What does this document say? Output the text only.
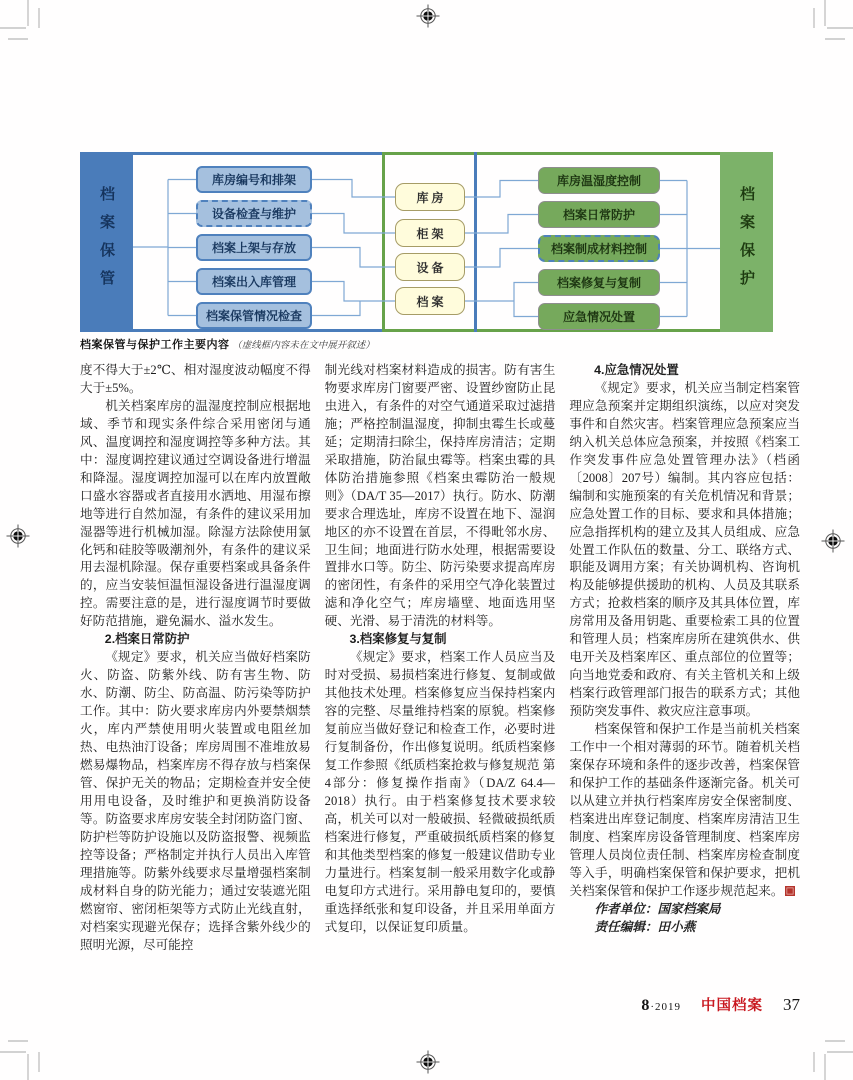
档案保管	档案保护
库房编号和排架
设备检查与维护
档案上架与存放
档案出入库管理
档案保管情况检查
库 房
柜 架
设 备
档 案
库房温湿度控制
档案日常防护
档案制成材料控制
档案修复与复制
应急情况处置
档案保管与保护工作主要内容 （虚线框内容未在文中展开叙述）

度不得大于±2℃、相对湿度波动幅度不得大于±5%。

机关档案库房的温湿度控制应根据地域、季节和现实条件综合采用密闭与通风、温度调控和湿度调控等多种方法。其中：湿度调控建议通过空调设备进行增温和降湿。湿度调控加湿可以在库内放置敞口盛水容器或者直接用水洒地、用湿布擦地等进行自然加湿，有条件的建议采用加湿器等进行机械加湿。除湿方法除使用氯化钙和硅胶等吸潮剂外，有条件的建议采用去湿机除湿。保存重要档案或具备条件的，应当安装恒温恒湿设备进行温湿度调控。需要注意的是，进行湿度调节时要做好防范措施，避免漏水、溢水发生。

2.档案日常防护

《规定》要求，机关应当做好档案防火、防盗、防紫外线、防有害生物、防水、防潮、防尘、防高温、防污染等防护工作。其中：防火要求库房内外要禁烟禁火，库内严禁使用明火装置或电阻丝加热、电热油汀设备；库房周围不准堆放易燃易爆物品，档案库房不得存放与档案保管、保护无关的物品；定期检查并安全使用用电设备，及时维护和更换消防设备等。防盗要求库房安装全封闭防盗门窗、防护栏等防护设施以及防盗报警、视频监控等设备；严格制定并执行人员出入库管理措施等。防紫外线要求尽量增强档案制成材料自身的防光能力；通过安装遮光阻燃窗帘、密闭柜架等方式防止光线直射，对档案实现避光保存；选择含紫外线少的照明光源，尽可能控

制光线对档案材料造成的损害。防有害生物要求库房门窗要严密、设置纱窗防止昆虫进入，有条件的对空气通道采取过滤措施；严格控制温湿度，抑制虫霉生长或蔓延；定期清扫除尘，保持库房清洁；定期采取措施，防治鼠虫霉等。档案虫霉的具体防治措施参照《档案虫霉防治一般规则》（DA/T 35—2017）执行。防水、防潮要求合理选址，库房不设置在地下、湿润地区的亦不设置在首层，不得毗邻水房、卫生间；地面进行防水处理，根据需要设置排水口等。防尘、防污染要求提高库房的密闭性，有条件的采用空气净化装置过滤和净化空气；库房墙壁、地面选用坚硬、光滑、易于清洗的材料等。

3.档案修复与复制

《规定》要求，档案工作人员应当及时对受损、易损档案进行修复、复制或做其他技术处理。档案修复应当保持档案内容的完整、尽量维持档案的原貌。档案修复前应当做好登记和检查工作，必要时进行复制备份，作出修复说明。纸质档案修复工作参照《纸质档案抢救与修复规范 第4部分：修复操作指南》（DA/Z 64.4—2018）执行。由于档案修复技术要求较高，机关可以对一般破损、轻微破损纸质档案进行修复，严重破损纸质档案的修复和其他类型档案的修复一般建议借助专业力量进行。档案复制一般采用数字化或静电复印方式进行。采用静电复印的，要慎重选择纸张和复印设备，并且采用单面方式复印，以保证复印质量。

4.应急情况处置

《规定》要求，机关应当制定档案管理应急预案并定期组织演练，以应对突发事件和自然灾害。档案管理应急预案应当纳入机关总体应急预案，并按照《档案工作突发事件应急处置管理办法》（档函〔2008〕207号）编制。其内容应包括：编制和实施预案的有关危机情况和背景；应急处置工作的目标、要求和具体措施；应急指挥机构的建立及其人员组成、应急处置工作队伍的数量、分工、联络方式、职能及调用方案；有关协调机构、咨询机构及能够提供援助的机构、人员及其联系方式；抢救档案的顺序及其具体位置，库房常用及备用钥匙、重要检索工具的位置和管理人员；档案库房所在建筑供水、供电开关及档案库区、重点部位的位置等；向当地党委和政府、有关主管机关和上级档案行政管理部门报告的联系方式；其他预防突发事件、救灾应注意事项。

档案保管和保护工作是当前机关档案工作中一个相对薄弱的环节。随着机关档案保存环境和条件的逐步改善，档案保管和保护工作的基础条件逐渐完备。机关可以从建立并执行档案库房安全保密制度、档案进出库登记制度、档案库房清洁卫生制度、档案库房设备管理制度、档案库房管理人员岗位责任制、档案库房检查制度等入手，明确档案保管和保护要求，把机关档案保管和保护工作逐步规范起来。

作者单位：国家档案局

责任编辑：田小燕

8·2019 中国档案 37
